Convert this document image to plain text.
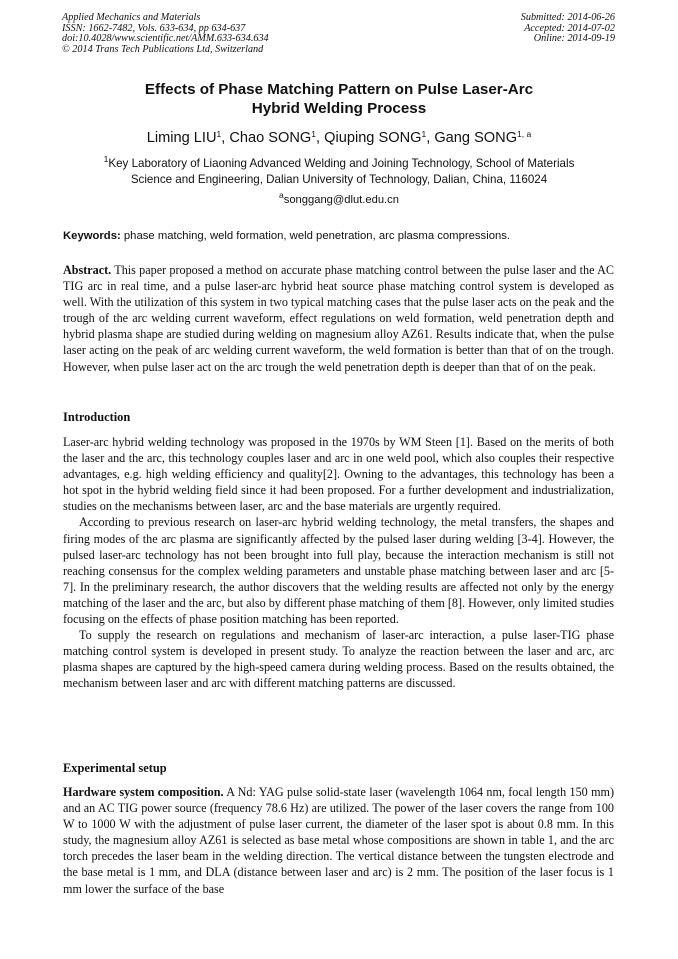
Applied Mechanics and Materials
ISSN: 1662-7482, Vols. 633-634, pp 634-637
doi:10.4028/www.scientific.net/AMM.633-634.634
© 2014 Trans Tech Publications Ltd, Switzerland
Submitted: 2014-06-26
Accepted: 2014-07-02
Online: 2014-09-19
Effects of Phase Matching Pattern on Pulse Laser-Arc
Hybrid Welding Process
Liming LIU$^1$, Chao SONG$^1$, Qiuping SONG$^1$, Gang SONG$^{1, a}$
$^1$Key Laboratory of Liaoning Advanced Welding and Joining Technology, School of Materials
Science and Engineering, Dalian University of Technology, Dalian, China, 116024
$^a$songgang@dlut.edu.cn
Keywords: phase matching, weld formation, weld penetration, arc plasma compressions.

Abstract. This paper proposed a method on accurate phase matching control between the pulse laser and the AC TIG arc in real time, and a pulse laser-arc hybrid heat source phase matching control system is developed as well. With the utilization of this system in two typical matching cases that the pulse laser acts on the peak and the trough of the arc welding current waveform, effect regulations on weld formation, weld penetration depth and hybrid plasma shape are studied during welding on magnesium alloy AZ61. Results indicate that, when the pulse laser acting on the peak of arc welding current waveform, the weld formation is better than that of on the trough. However, when pulse laser act on the arc trough the weld penetration depth is deeper than that of on the peak.

Introduction

Laser-arc hybrid welding technology was proposed in the 1970s by WM Steen [1]. Based on the merits of both the laser and the arc, this technology couples laser and arc in one weld pool, which also couples their respective advantages, e.g. high welding efficiency and quality[2]. Owning to the advantages, this technology has been a hot spot in the hybrid welding field since it had been proposed. For a further development and industrialization, studies on the mechanisms between laser, arc and the base materials are urgently required.

According to previous research on laser-arc hybrid welding technology, the metal transfers, the shapes and firing modes of the arc plasma are significantly affected by the pulsed laser during welding [3-4]. However, the pulsed laser-arc technology has not been brought into full play, because the interaction mechanism is still not reaching consensus for the complex welding parameters and unstable phase matching between laser and arc [5-7]. In the preliminary research, the author discovers that the welding results are affected not only by the energy matching of the laser and the arc, but also by different phase matching of them [8]. However, only limited studies focusing on the effects of phase position matching has been reported.

To supply the research on regulations and mechanism of laser-arc interaction, a pulse laser-TIG phase matching control system is developed in present study. To analyze the reaction between the laser and arc, arc plasma shapes are captured by the high-speed camera during welding process. Based on the results obtained, the mechanism between laser and arc with different matching patterns are discussed.

Experimental setup

Hardware system composition. A Nd: YAG pulse solid-state laser (wavelength 1064 nm, focal length 150 mm) and an AC TIG power source (frequency 78.6 Hz) are utilized. The power of the laser covers the range from 100 W to 1000 W with the adjustment of pulse laser current, the diameter of the laser spot is about 0.8 mm. In this study, the magnesium alloy AZ61 is selected as base metal whose compositions are shown in table 1, and the arc torch precedes the laser beam in the welding direction. The vertical distance between the tungsten electrode and the base metal is 1 mm, and DLA (distance between laser and arc) is 2 mm. The position of the laser focus is 1 mm lower the surface of the base
